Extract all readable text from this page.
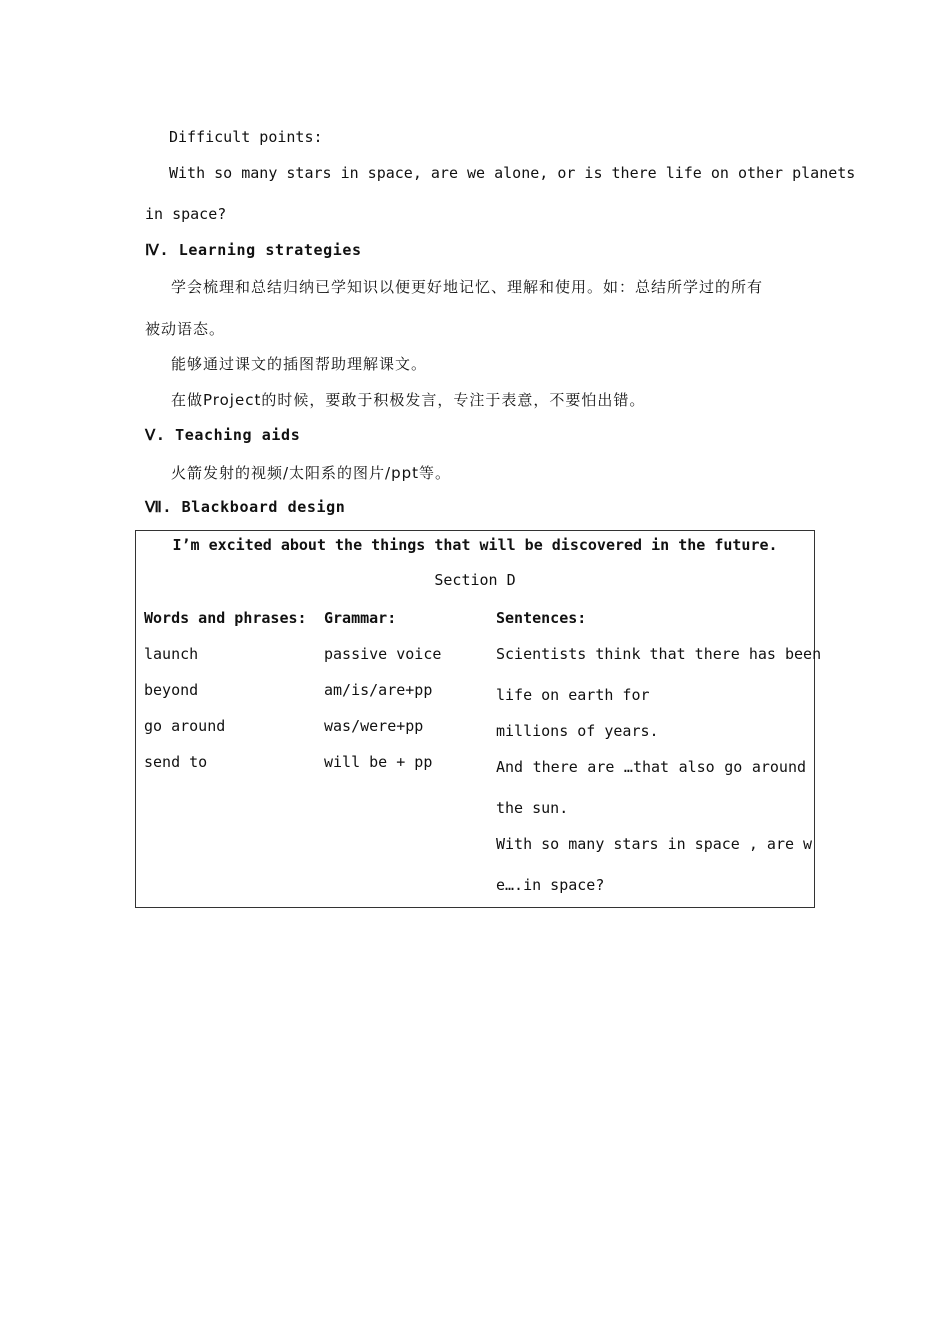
Difficult points:
With so many stars in space, are we alone, or is there life on other planets
in space?
Ⅳ. Learning strategies
学会梳理和总结归纳已学知识以便更好地记忆、理解和使用。如：总结所学过的所有
被动语态。
能够通过课文的插图帮助理解课文。
在做Project的时候，要敢于积极发言，专注于表意，不要怕出错。
Ⅴ. Teaching aids
火箭发射的视频/太阳系的图片/ppt等。
Ⅶ. Blackboard design
I’m excited about the things that will be discovered in the future.
Section D
Words and phrases: Grammar:	Sentences:
launch
beyond
go around
send to
passive voice
am/is/are+pp
was/were+pp
will be + pp
Scientists think that there has been
life on earth for
millions of years.
And there are …that also go around
the sun.
With so many stars in space , are w
e….in space?
